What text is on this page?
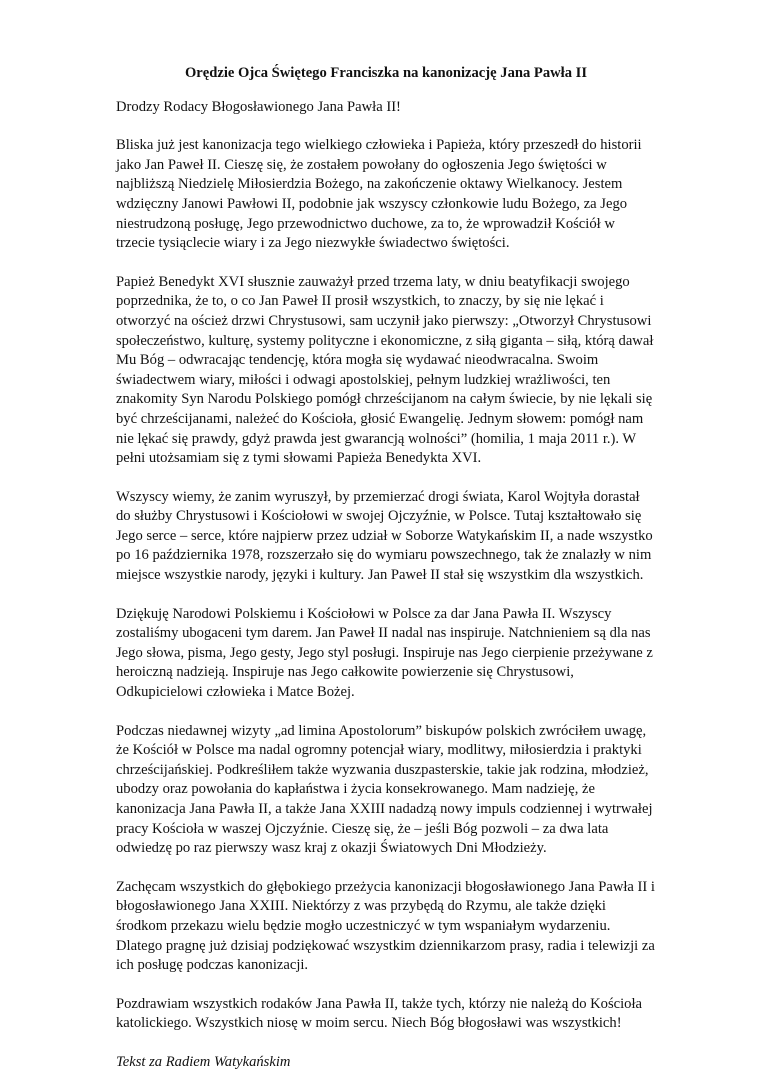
Orędzie Ojca Świętego Franciszka na kanonizację Jana Pawła II
Drodzy Rodacy Błogosławionego Jana Pawła II!
Bliska już jest kanonizacja tego wielkiego człowieka i Papieża, który przeszedł do historii jako Jan Paweł II. Cieszę się, że zostałem powołany do ogłoszenia Jego świętości w najbliższą Niedzielę Miłosierdzia Bożego, na zakończenie oktawy Wielkanocy. Jestem wdzięczny Janowi Pawłowi II, podobnie jak wszyscy członkowie ludu Bożego, za Jego niestrudzoną posługę, Jego przewodnictwo duchowe, za to, że wprowadził Kościół w trzecie tysiąclecie wiary i za Jego niezwykłe świadectwo świętości.
Papież Benedykt XVI słusznie zauważył przed trzema laty, w dniu beatyfikacji swojego poprzednika, że to, o co Jan Paweł II prosił wszystkich, to znaczy, by się nie lękać i otworzyć na oścież drzwi Chrystusowi, sam uczynił jako pierwszy: „Otworzył Chrystusowi społeczeństwo, kulturę, systemy polityczne i ekonomiczne, z siłą giganta – siłą, którą dawał Mu Bóg – odwracając tendencję, która mogła się wydawać nieodwracalna. Swoim świadectwem wiary, miłości i odwagi apostolskiej, pełnym ludzkiej wrażliwości, ten znakomity Syn Narodu Polskiego pomógł chrześcijanom na całym świecie, by nie lękali się być chrześcijanami, należeć do Kościoła, głosić Ewangelię. Jednym słowem: pomógł nam nie lękać się prawdy, gdyż prawda jest gwarancją wolności” (homilia, 1 maja 2011 r.). W pełni utożsamiam się z tymi słowami Papieża Benedykta XVI.
Wszyscy wiemy, że zanim wyruszył, by przemierzać drogi świata, Karol Wojtyła dorastał do służby Chrystusowi i Kościołowi w swojej Ojczyźnie, w Polsce. Tutaj kształtowało się Jego serce – serce, które najpierw przez udział w Soborze Watykańskim II, a nade wszystko po 16 października 1978, rozszerzało się do wymiaru powszechnego, tak że znalazły w nim miejsce wszystkie narody, języki i kultury. Jan Paweł II stał się wszystkim dla wszystkich.
Dziękuję Narodowi Polskiemu i Kościołowi w Polsce za dar Jana Pawła II. Wszyscy zostaliśmy ubogaceni tym darem. Jan Paweł II nadal nas inspiruje. Natchnieniem są dla nas Jego słowa, pisma, Jego gesty, Jego styl posługi. Inspiruje nas Jego cierpienie przeżywane z heroiczną nadzieją. Inspiruje nas Jego całkowite powierzenie się Chrystusowi, Odkupicielowi człowieka i Matce Bożej.
Podczas niedawnej wizyty „ad limina Apostolorum” biskupów polskich zwróciłem uwagę, że Kościół w Polsce ma nadal ogromny potencjał wiary, modlitwy, miłosierdzia i praktyki chrześcijańskiej. Podkreśliłem także wyzwania duszpasterskie, takie jak rodzina, młodzież, ubodzy oraz powołania do kapłaństwa i życia konsekrowanego. Mam nadzieję, że kanonizacja Jana Pawła II, a także Jana XXIII nadadzą nowy impuls codziennej i wytrwałej pracy Kościoła w waszej Ojczyźnie. Cieszę się, że – jeśli Bóg pozwoli – za dwa lata odwiedzę po raz pierwszy wasz kraj z okazji Światowych Dni Młodzieży.
Zachęcam wszystkich do głębokiego przeżycia kanonizacji błogosławionego Jana Pawła II i błogosławionego Jana XXIII. Niektórzy z was przybędą do Rzymu, ale także dzięki środkom przekazu wielu będzie mogło uczestniczyć w tym wspaniałym wydarzeniu. Dlatego pragnę już dzisiaj podziękować wszystkim dziennikarzom prasy, radia i telewizji za ich posługę podczas kanonizacji.
Pozdrawiam wszystkich rodaków Jana Pawła II, także tych, którzy nie należą do Kościoła katolickiego. Wszystkich niosę w moim sercu. Niech Bóg błogosławi was wszystkich!
Tekst za Radiem Watykańskim
